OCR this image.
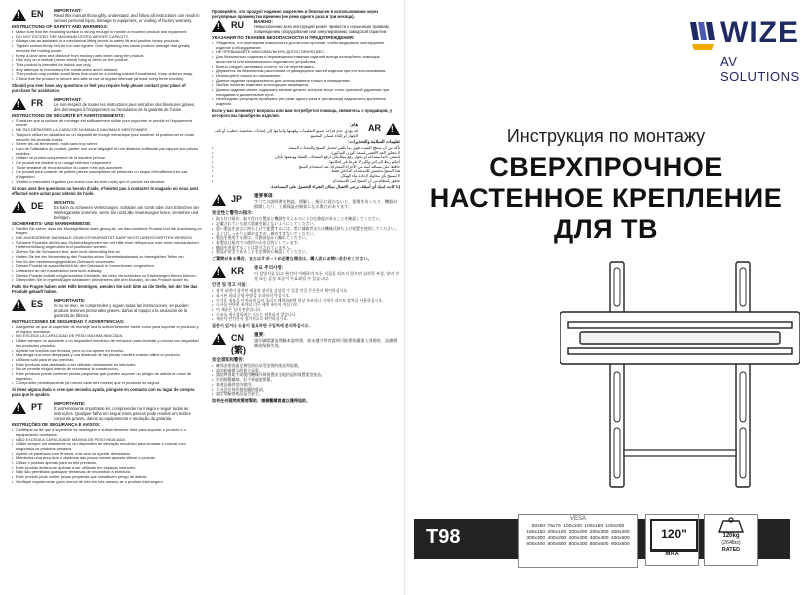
!
EN	IMPORTANT:
Read this manual thoroughly, understand, and follow all instructions can result in serious personal injury, damage to equipment, or voiding of factory warranty.
INSTRUCTIONS OF SAFETY AND WARNINGS:
• Make sure that the mounting surface is strong enough to handle a mounted product and equipment.
• DO NOT EXCEED THE MAXIMUM LISTED WEIGHT CAPACITY.
• Always use an assistant or a mechanical lifting device to safely lift and position heavy products.
• Tighten screws firmly, but do not over tighten. Over tightening can cause product damage that greatly reduces the holding power.
• Keep a clear area and distance from moving parts when using the product.
• Use only on a vertical (never stand) hang or climb on the product.
• This product is intended for indoor use only.
• Any attempts to reconstruct the construction aren't allowed.
• This product may contain small items that could be a choking hazard if swallowed. Keep children away.
• Check that the product is secure and safe to use at regular intervals (at least every three months).
Should you ever have any questions or feel you require help please contact your place of purchase for assistance.
!
FR	IMPORTANT:
Le non-respect de toutes les instructions peut entraîner des blessures graves, des dommages à l'équipement ou l'annulation de la garantie de l'usine.
INSTRUCTIONS DE SÉCURITÉ ET AVERTISSEMENTS:
• S'assurer que la surface de montage est suffisamment solide pour supporter le produit et l'équipement monté.
• NE PAS DÉPASSER LA CAPACITÉ NOMINALE MAXIMALE MENTIONNÉE.
• Toujours utiliser un assistant ou un dispositif de levage mécanique pour soulever et positionner en toute sécurité les produits lourds.
• Serrer les vis fermement, mais sans trop serrer.
• Lors de l'utilisation du produit, garder une zone dégagée et une distance suffisante par rapport aux pièces mobiles.
• Utiliser ce produit uniquement de la manière prévue.
• Ce produit est destiné à un usage intérieur uniquement.
• Toute tentative de reconstruction du cadre n'est pas autorisée.
• Ce produit peut contenir de petites pièces susceptibles de présenter un risque d'étouffement en cas d'ingestion.
• Vérifier à intervalles réguliers (au moins tous les trois mois) que le produit est sécurisé.
Si vous avez des questions ou besoin d'aide, n'hésitez pas à contacter le magasin où vous avez effectué votre achat pour obtenir de l'aide.
!
DE	WICHTIG:
Es kann zu schweren Verletzungen, Schäden am Gerät oder zum Erlöschen der Werksgarantie kommen, wenn Sie nicht alle Anweisungen lesen, verstehen und befolgen.
SICHERHEITS- UND WARNHINWEISE:
• Stellen Sie sicher, dass die Montagefläche stark genug ist, um das montierte Produkt und die Ausrüstung zu tragen.
• DIE ANGEGEBENE MAXIMALE GEWICHTSKAPAZITÄT DARF NICHT ÜBERSCHRITTEN WERDEN.
• Schwere Produkte dürfen aus Sicherheitsgründen nur mit Hilfe einer Hilfsperson oder einer mechanischen Hebevorrichtung angehoben und positioniert werden.
• Ziehen Sie die Schrauben fest, aber nicht übermäßig fest an.
• Halten Sie bei der Verwendung des Produkts einen Sicherheitsabstand zu beweglichen Teilen ein.
• Nur für den bestimmungsgemäßen Gebrauch verwenden.
• Dieses Produkt ist ausschließlich für den Gebrauch in Innenräumen vorgesehen.
• Umbauten an der Konstruktion sind nicht zulässig.
• Dieses Produkt enthält möglicherweise Kleinteile, die beim Verschlucken zu Erstickungen führen können.
• Überprüfen Sie in regelmäßigen Abständen (mindestens alle drei Monate), ob das Produkt sicher ist.
Falls Sie Fragen haben oder Hilfe benötigen, wenden Sie sich bitte an die Stelle, bei der Sie das Produkt gekauft haben.
!
ES	IMPORTANTE:
Si no se leen, se comprenden y siguen todas las instrucciones, se pueden producir lesiones personales graves, daños al equipo o la anulación de la garantía de fábrica.
INSTRUCCIONES DE SEGURIDAD Y ADVERTENCIAS:
• Asegúrese de que la superficie de montaje sea lo suficientemente fuerte como para soportar el producto y el equipo montados.
• NO EXCEDA LA CAPACIDAD DE PESO MÁXIMA INDICADA.
• Utilice siempre un ayudante o un dispositivo mecánico de elevación para levantar y colocar con seguridad los productos pesados.
• Apriete los tornillos con firmeza, pero no los apriete en exceso.
• Mantenga una zona despejada y una distancia de las piezas móviles cuando utilice el producto.
• Utilícelo solo para el uso previsto.
• Este producto está destinado a ser utilizado únicamente en interiores.
• No se permite ningún intento de reconstruir la construcción.
• Este producto puede contener piezas pequeñas que pueden suponer un peligro de asfixia en caso de ingestión.
• Compruebe periódicamente (al menos cada tres meses) que el producto es seguro.
Si tiene alguna duda o cree que necesita ayuda, póngase en contacto con su lugar de compra para que le ayuden.
!
PT	IMPORTANTE:
É extremamente importante ler, compreender na íntegra e seguir todas as instruções. Qualquer falha em seguir estes passos pode resultar em lesões corporais graves, danos ao equipamento e anulação da garantia.
INSTRUÇÕES DE SEGURANÇA E AVISOS:
• Certifique-se de que a superfície de montagem é suficientemente forte para suportar o produto e o equipamento montados.
• NÃO EXCEDA A CAPACIDADE MÁXIMA DE PESO INDICADA.
• Utilize sempre um assistente ou um dispositivo de elevação mecânico para levantar e colocar com segurança os produtos pesados.
• Aperte os parafusos com firmeza, mas sem os apertar demasiado.
• Mantenha uma área livre e distância das peças móveis quando utilizar o produto.
• Utilize o produto apenas para os fins previstos.
• Este produto destina-se apenas a ser utilizado em espaços interiores.
• Não são permitidas quaisquer tentativas de reconstruir a estrutura.
• Este produto pode conter peças pequenas que constituem perigo de asfixia.
• Verifique regularmente (pelo menos de três em três meses) se o produto está seguro.
Проверяйте, что продукт надежно закреплен и безопасен в использовании через регулярные промежутки времени (не реже одного раза в три месяца).
!
RU	ВАЖНО:
Невыполнение всех инструкций может привести к серьезным травмам, повреждению оборудования или аннулированию заводской гарантии.
УКАЗАНИЯ ПО ТЕХНИКЕ БЕЗОПАСНОСТИ И ПРЕДУПРЕЖДЕНИЯ:
• Убедитесь, что монтажная поверхность достаточно прочная, чтобы выдержать монтируемое изделие и оборудование.
• НЕ ПРЕВЫШАЙТЕ МАКСИМАЛЬНУЮ ДОПУСТИМУЮ ВЕС.
• Для безопасного подъема и перемещения тяжелых изделий всегда пользуйтесь помощью ассистента или механического подъемного устройства.
• Винты следует затягивать плотно, но не перетягивать.
• Держитесь на безопасном расстоянии от движущихся частей изделия при его использовании.
• Используйте только по назначению.
• Данное изделие предназначено для использования только в помещениях.
• Любые попытки изменить конструкцию запрещены.
• Данное изделие может содержать мелкие детали, которые могут стать причиной удушения при попадании в дыхательные пути.
• Необходимо регулярно проверять (не реже одного раза в три месяца) надежность крепления изделия.
Если у вас возникнут вопросы или вам потребуется помощь, свяжитесь с продавцом, у которого вы приобрели изделие.
!
AR
هام:
قد يؤدي عدم قراءة جميع التعليمات وفهمها واتباعها إلى إصابات شخصية خطيرة أو تلف الجهاز أو إلغاء ضمان المصنع.
تعليمات السلامة والتحذيرات:
• تأكد من أن سطح التثبيت قوي بما يكفي لتحمل المنتج والمعدات المثبتة.
• لا تتجاوز الحد الأقصى لسعة الوزن المذكورة.
• استعن دائماً بمساعد أو بجهاز رفع ميكانيكي لرفع المنتجات الثقيلة ووضعها بأمان.
• أحكم ربط البراغي ولكن لا تفرط في إحكامها.
• حافظ على مسافة آمنة من الأجزاء المتحركة عند استخدام المنتج.
• هذا المنتج مخصص للاستخدام الداخلي فقط.
• لا يُسمح بأي محاولة لإعادة بناء الهيكل.
• تحقق بانتظام من أن المنتج آمن للاستخدام.
إذا كانت لديك أي أسئلة، يرجى الاتصال بمكان الشراء للحصول على المساعدة.
!
JP	重要事項:
すべての説明書を熟読、理解し、指示に従わないと、重傷を負ったり、機器が損傷したり、工場保証が無効になる場合があります。
安全性と警告の指示:
• 取り付け面が、取り付けた製品と機器を支えるのに十分な強度があることを確認してください。
• 記載されている最大重量を超えないようにしてください。
• 重い製品を安全に持ち上げて配置するには、常に補助者または機械式持ち上げ装置を使用してください。
• ネジはしっかりと締めますが、締めすぎないでください。
• 製品を使用する際は、可動部品から離れてください。
• 本製品は屋内での使用のみを目的としています。
• 構造を改造することは許可されていません。
• 製品が安全であることを定期的に確認してください。
ご質問がある場合、またはサポートが必要な場合は、購入店にお問い合わせください。
!
KR	중요 주의사항:
이 설명서를 읽고 완전히 이해하며 모든 지침을 따르지 않으면 심각한 부상, 장비 손상 또는 공장 보증이 무효화될 수 있습니다.
안전 및 경고 지침:
• 장착 표면이 장착된 제품과 장비를 감당할 수 있을 만큼 튼튼한지 확인하십시오.
• 표시된 최대 중량 용량을 초과하지 마십시오.
• 무거운 제품을 안전하게 들어 올리고 배치하려면 항상 보조자나 기계식 리프트 장치를 사용하십시오.
• 나사를 단단히 조이되 너무 세게 조이지 마십시오.
• 이 제품은 실내 전용입니다.
• 구조를 재구성하려는 시도는 허용되지 않습니다.
• 제품이 안전한지 정기적으로 확인하십시오.
질문이 있거나 도움이 필요하면 구입처에 문의하십시오.
!
CN (繁)
重要:
請仔細閱讀並理解本說明書，如未遵守所有說明可能導致嚴重人身傷害、設備損壞或保修失效。
安全須知和警告:
• 確保安裝表面足夠堅固以承受安裝的產品和設備。
• 請勿超過標示的最大承重。
• 請始終由助手或使用機械升降裝置安全地抬起和放置重型產品。
• 牢固擰緊螺絲，但不要過度擰緊。
• 本產品僅供室內使用。
• 不允許任何改裝結構的嘗試。
• 請定期檢查產品是否安全。
如有任何疑問或需要幫助，請聯繫購買處以獲得協助。
WIZE
AV SOLUTIONS
Инструкция по монтажу
СВЕРХПРОЧНОЕ
НАСТЕННОЕ КРЕПЛЕНИЕ
ДЛЯ ТВ
T98
VESA
50x50 75x75 100x100 100x150 100x200 150x150 200x100 200x200 200x300 300x200 300x300 400x200 400x300 400x400 400x600 600x400 600x600 800x400 800x600 900x600
120"
MAX
120kg
(264lbs)
RATED
